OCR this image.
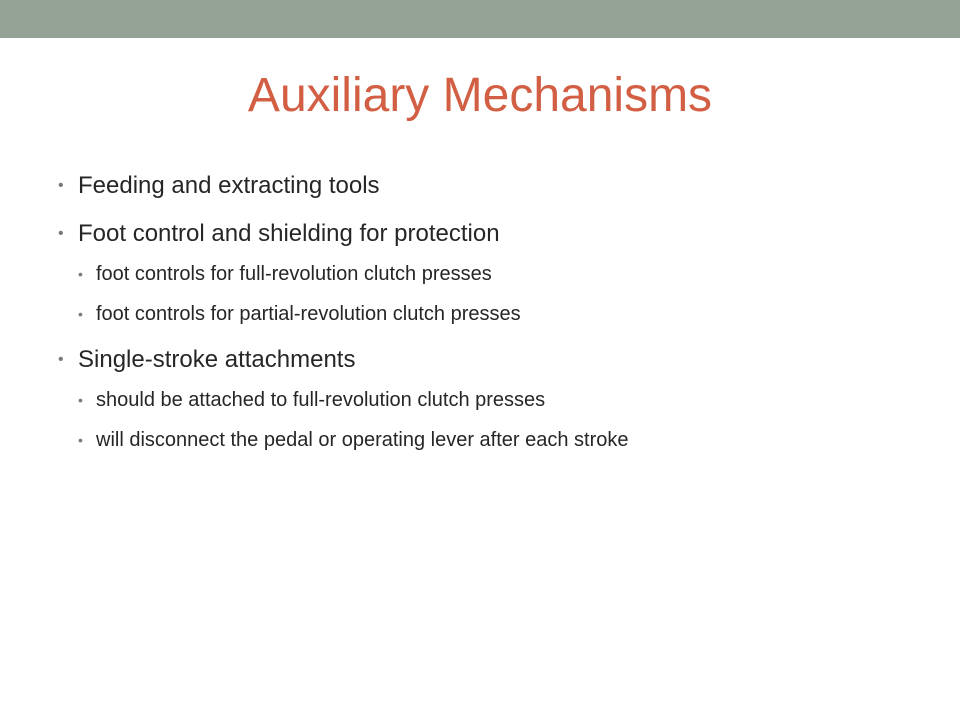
Auxiliary Mechanisms
• Feeding and extracting tools
• Foot control and shielding for protection
• foot controls for full-revolution clutch presses
• foot controls for partial-revolution clutch presses
• Single-stroke attachments
• should be attached to full-revolution clutch presses
• will disconnect the pedal or operating lever after each stroke
